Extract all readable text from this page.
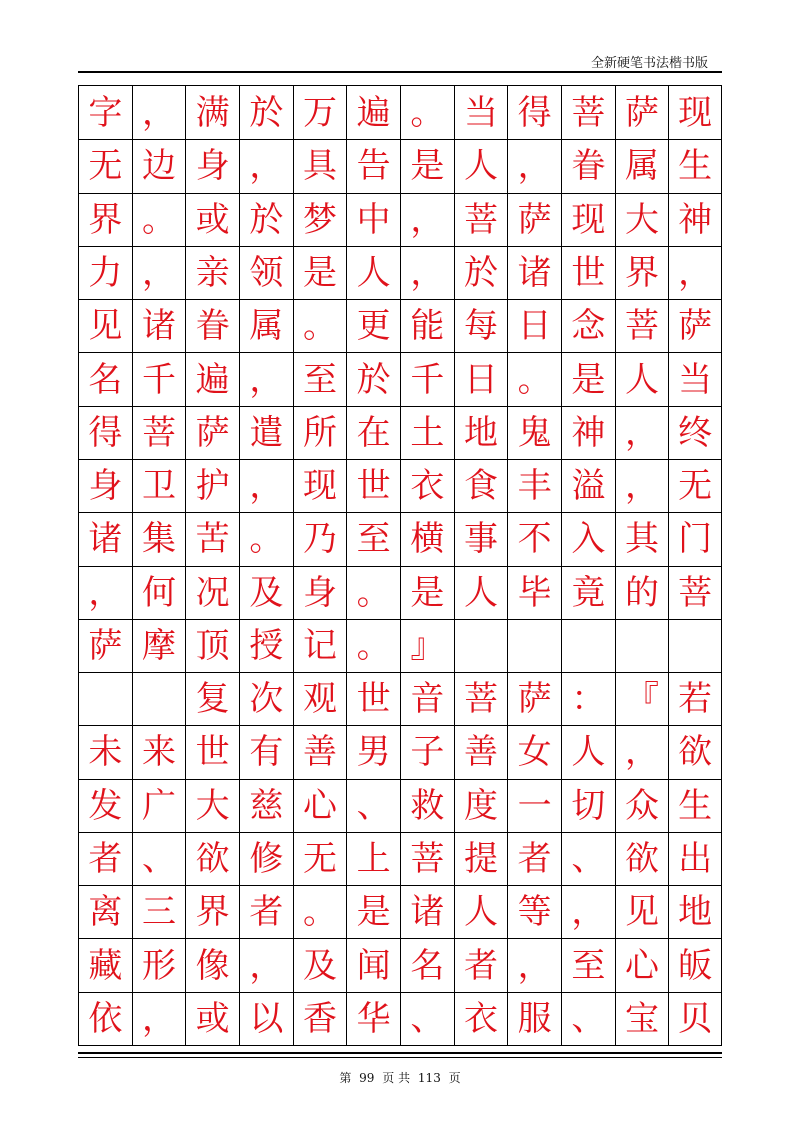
全新硬笔书法楷书版
字 ， 满 於 万 遍 。 当 得 菩 萨 现
无 边 身 ， 具 告 是 人 ， 眷 属 生
界 。 或 於 梦 中 ， 菩 萨 现 大 神
力 ， 亲 领 是 人 ， 於 诸 世 界 ，
见 诸 眷 属 。 更 能 每 日 念 菩 萨
名 千 遍 ， 至 於 千 日 。 是 人 当
得 菩 萨 遣 所 在 土 地 鬼 神 ， 终
身 卫 护 ， 现 世 衣 食 丰 溢 ， 无
诸 集 苦 。 乃 至 横 事 不 入 其 门
， 何 况 及 身 。 是 人 毕 竟 的 菩
萨 摩 顶 授 记 。 』
复 次 观 世 音 菩 萨 ： 『 若
未 来 世 有 善 男 子 善 女 人 ， 欲
发 广 大 慈 心 、 救 度 一 切 众 生
者 、 欲 修 无 上 菩 提 者 、 欲 出
离 三 界 者 。 是 诸 人 等 ， 见 地
藏 形 像 ， 及 闻 名 者 ， 至 心 皈
依 ， 或 以 香 华 、 衣 服 、 宝 贝
第 99 页 共 113 页
